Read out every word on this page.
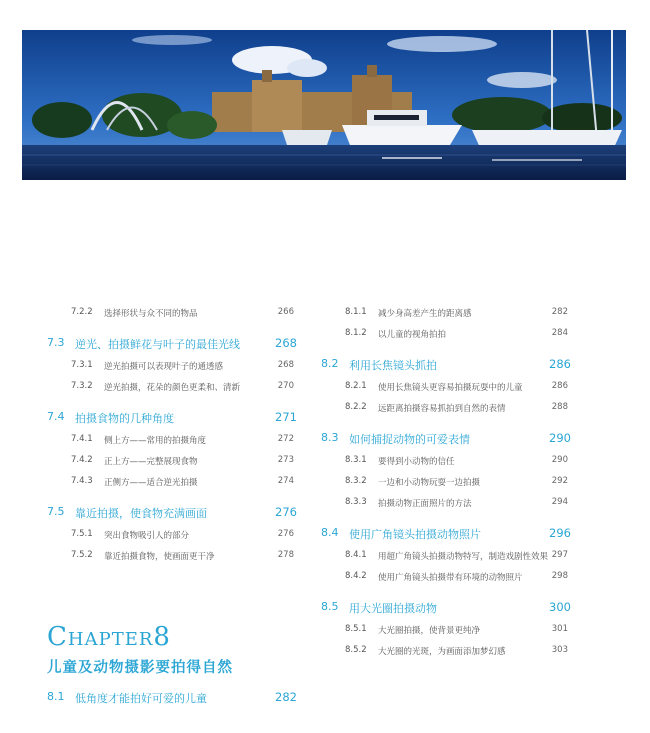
7.2.2 选择形状与众不同的物品	266
7.3 逆光、拍摄鲜花与叶子的最佳光线	268
7.3.1 逆光拍摄可以表现叶子的通透感	268
7.3.2 逆光拍摄，花朵的颜色更柔和、清新	270
7.4 拍摄食物的几种角度	271
7.4.1 侧上方——常用的拍摄角度	272
7.4.2 正上方——完整展现食物	273
7.4.3 正侧方——适合逆光拍摄	274
7.5 靠近拍摄，使食物充满画面	276
7.5.1 突出食物吸引人的部分	276
7.5.2 靠近拍摄食物，使画面更干净	278
CHAPTER8
儿童及动物摄影要拍得自然
8.1 低角度才能拍好可爱的儿童	282
8.1.1 减少身高差产生的距离感	282
8.1.2 以儿童的视角拍拍	284
8.2 利用长焦镜头抓拍	286
8.2.1 使用长焦镜头更容易拍摄玩耍中的儿童	286
8.2.2 远距离拍摄容易抓拍到自然的表情	288
8.3 如何捕捉动物的可爱表情	290
8.3.1 要得到小动物的信任	290
8.3.2 一边和小动物玩耍一边拍摄	292
8.3.3 拍摄动物正面照片的方法	294
8.4 使用广角镜头拍摄动物照片	296
8.4.1 用超广角镜头拍摄动物特写，制造戏剧性效果 297
8.4.2 使用广角镜头拍摄带有环境的动物照片	298
8.5 用大光圈拍摄动物	300
8.5.1 大光圈拍摄，使背景更纯净	301
8.5.2 大光圈的光斑，为画面添加梦幻感	303
